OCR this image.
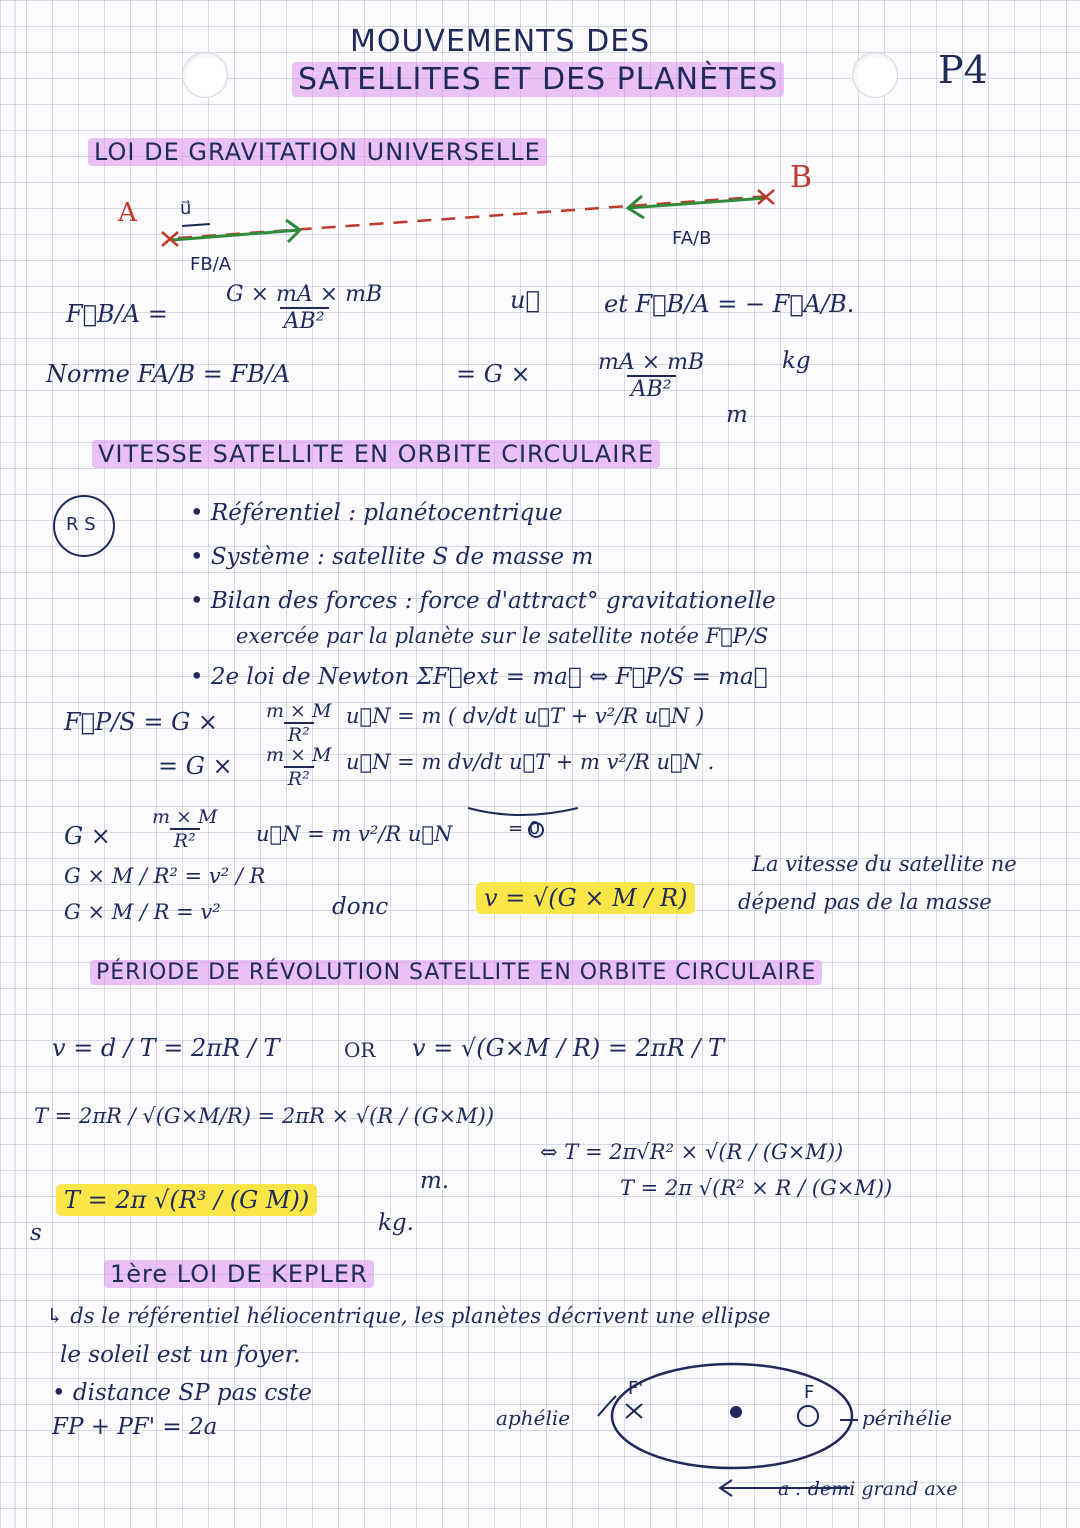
MOUVEMENTS DES
SATELLITES ET DES PLANÈTES	P4
LOI DE GRAVITATION UNIVERSELLE
A
B
u⃗
FB/A
FA/B
F⃗B/A = $\frac{G \times mA \times mB}{\text{AB²}}$	u⃗	et F⃗B/A = − F⃗A/B.
Norme FA/B = FB/A	= G ×	$\frac{mA \times mB}{\text{AB²}}$	kg
m
VITESSE SATELLITE EN ORBITE CIRCULAIRE
R S	• Référentiel : planétocentrique
• Système : satellite S de masse m
• Bilan des forces : force d'attract° gravitationelle
exercée par la planète sur le satellite notée F⃗P/S
• 2e loi de Newton ΣF⃗ext = ma⃗ ⇔ F⃗P/S = ma⃗
F⃗P/S = $G \times \frac{m \times M}{\text{R²}}$ u⃗N = m ( dv/dt u⃗T + v²/R u⃗N )
= $G \times \frac{m \times M}{\text{R²}}$ u⃗N = m dv/dt u⃗T + m v²/R u⃗N .
= 0
$G \times \frac{m \times M}{\text{R²}}$ u⃗N = m v²/R u⃗N
G × M / R² = v² / R
G × M / R = v²	donc	v = √(G × M / R)
La vitesse du satellite ne
dépend pas de la masse
PÉRIODE DE RÉVOLUTION SATELLITE EN ORBITE CIRCULAIRE
v = d / T = 2πR / T	OR v = √(G×M / R) = 2πR / T
T = 2πR / √(G×M/R) = 2πR × √(R / (G×M))
⇔ T = 2π√R² × √(R / (G×M))
T = 2π √(R² × R / (G×M))
T = 2π √(R³ / (G M))
m.
kg.
s
1ère LOI DE KEPLER
↳ ds le référentiel héliocentrique, les planètes décrivent une ellipse
le soleil est un foyer.
• distance SP pas cste
FP + PF' = 2a	aphélie	périhélie
F'	F
a : demi grand axe
